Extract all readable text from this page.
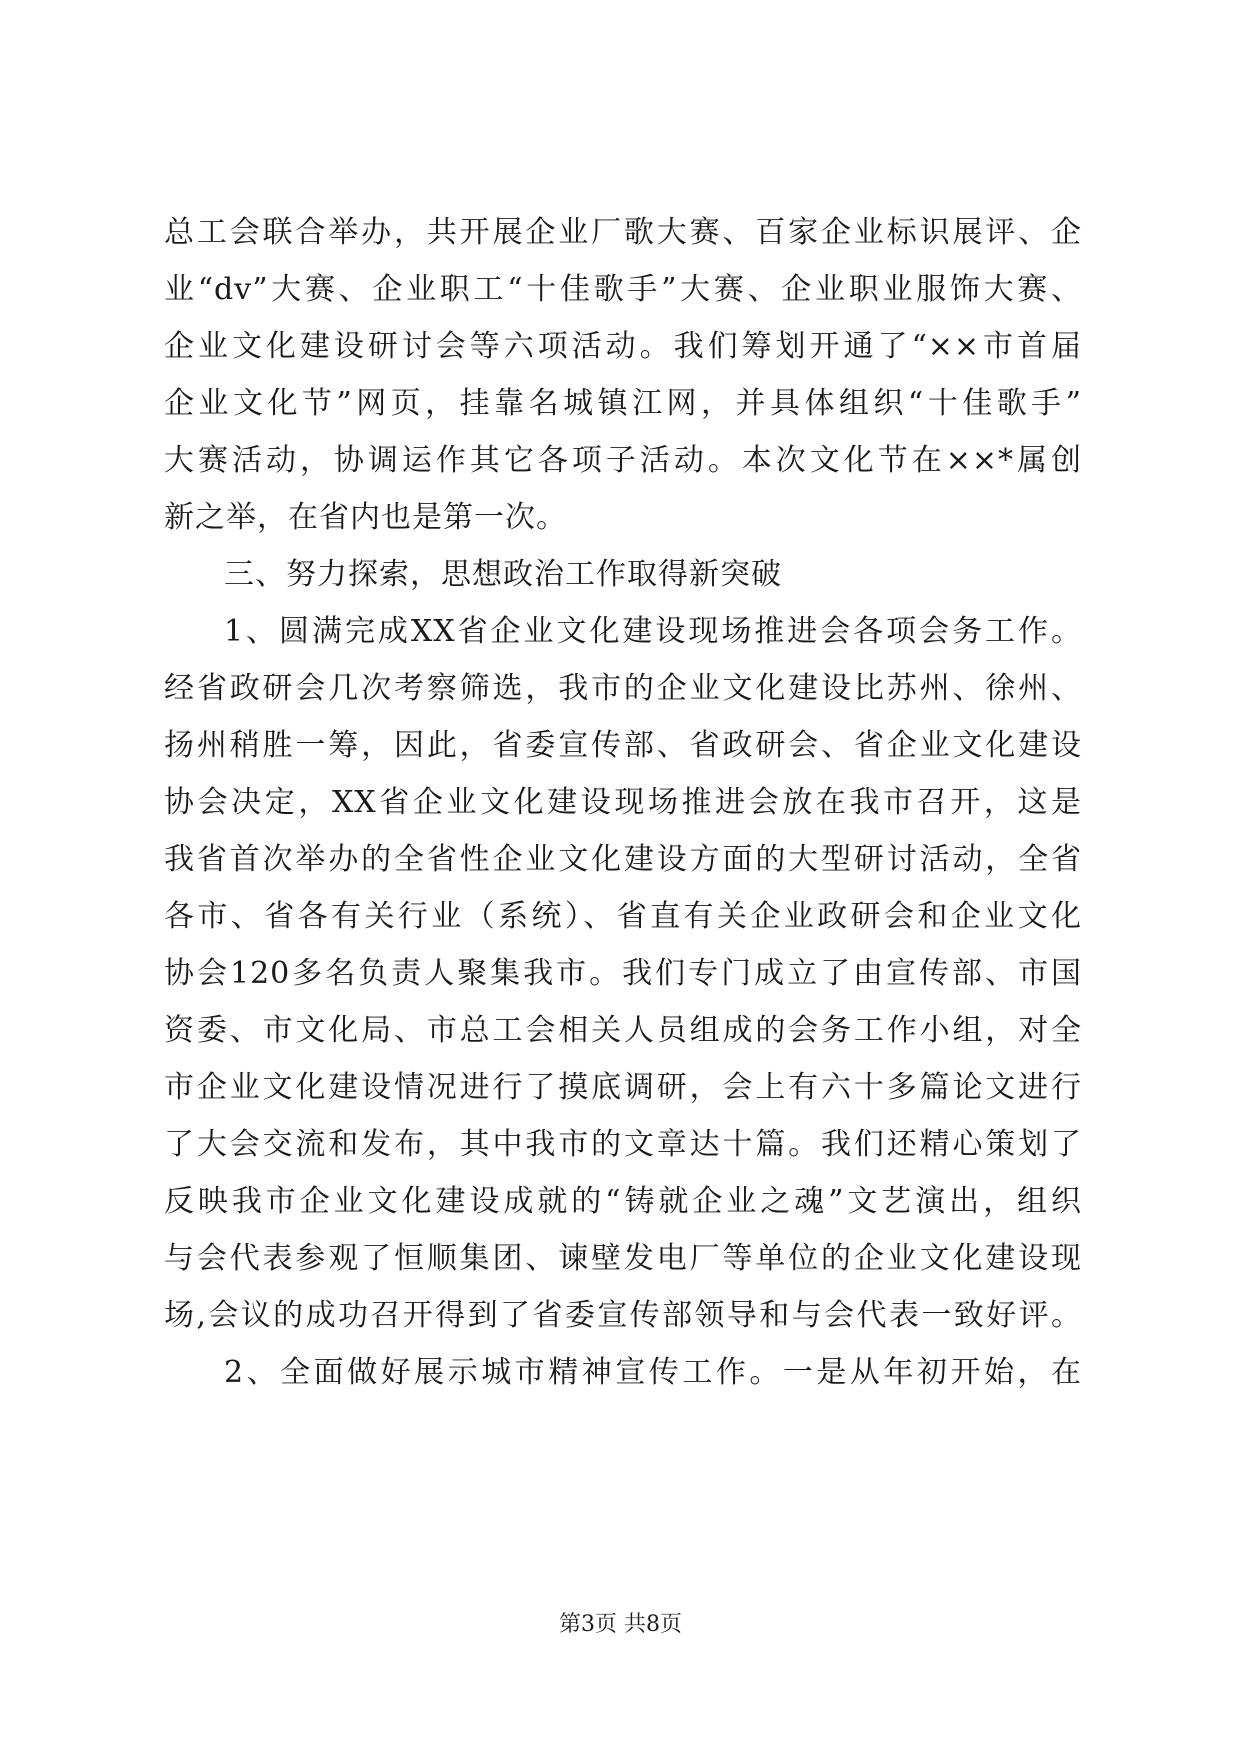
总工会联合举办，共开展企业厂歌大赛、百家企业标识展评、企
业“dv”大赛、企业职工“十佳歌手”大赛、企业职业服饰大赛、
企业文化建设研讨会等六项活动。我们筹划开通了“××市首届
企业文化节”网页，挂靠名城镇江网，并具体组织“十佳歌手”
大赛活动，协调运作其它各项子活动。本次文化节在××*属创
新之举，在省内也是第一次。
三、努力探索，思想政治工作取得新突破
1、圆满完成XX省企业文化建设现场推进会各项会务工作。
经省政研会几次考察筛选，我市的企业文化建设比苏州、徐州、
扬州稍胜一筹，因此，省委宣传部、省政研会、省企业文化建设
协会决定，XX省企业文化建设现场推进会放在我市召开，这是
我省首次举办的全省性企业文化建设方面的大型研讨活动，全省
各市、省各有关行业（系统）、省直有关企业政研会和企业文化
协会120多名负责人聚集我市。我们专门成立了由宣传部、市国
资委、市文化局、市总工会相关人员组成的会务工作小组，对全
市企业文化建设情况进行了摸底调研，会上有六十多篇论文进行
了大会交流和发布，其中我市的文章达十篇。我们还精心策划了
反映我市企业文化建设成就的“铸就企业之魂”文艺演出，组织
与会代表参观了恒顺集团、谏壁发电厂等单位的企业文化建设现
场,会议的成功召开得到了省委宣传部领导和与会代表一致好评。
2、全面做好展示城市精神宣传工作。一是从年初开始，在
第3页 共8页
